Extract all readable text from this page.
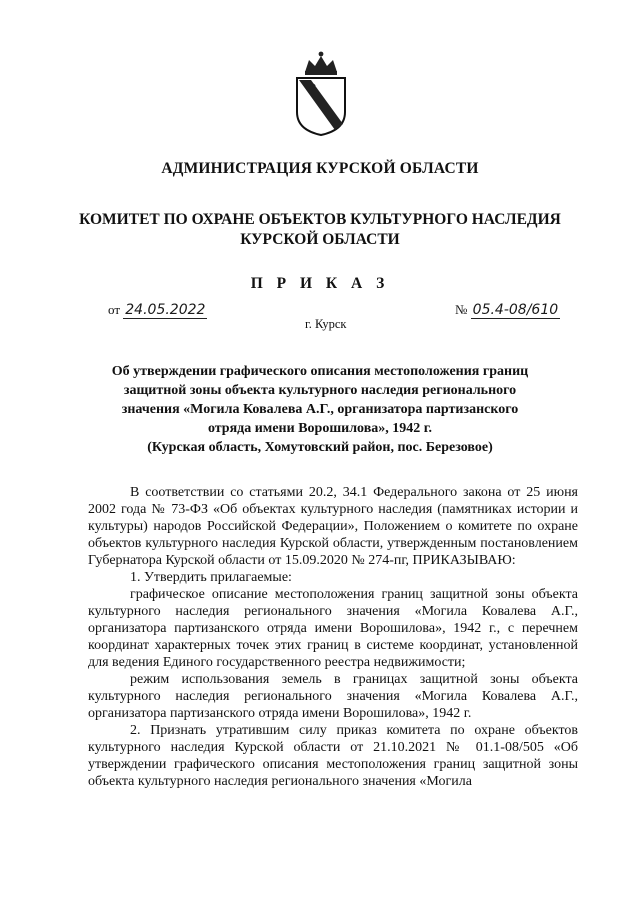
АДМИНИСТРАЦИЯ КУРСКОЙ ОБЛАСТИ
КОМИТЕТ ПО ОХРАНЕ ОБЪЕКТОВ КУЛЬТУРНОГО НАСЛЕДИЯ
КУРСКОЙ ОБЛАСТИ
П Р И К А З
от 24.05.2022	№ 05.4-08/610
г. Курск
Об утверждении графического описания местоположения границ
защитной зоны объекта культурного наследия регионального
значения «Могила Ковалева А.Г., организатора партизанского
отряда имени Ворошилова», 1942 г.
(Курская область, Хомутовский район, пос. Березовое)

В соответствии со статьями 20.2, 34.1 Федерального закона от 25 июня 2002 года № 73-ФЗ «Об объектах культурного наследия (памятниках истории и культуры) народов Российской Федерации», Положением о комитете по охране объектов культурного наследия Курской области, утвержденным постановлением Губернатора Курской области от 15.09.2020 № 274-пг, ПРИКАЗЫВАЮ:

1. Утвердить прилагаемые:

графическое описание местоположения границ защитной зоны объекта культурного наследия регионального значения «Могила Ковалева А.Г., организатора партизанского отряда имени Ворошилова», 1942 г., с перечнем координат характерных точек этих границ в системе координат, установленной для ведения Единого государственного реестра недвижимости;

режим использования земель в границах защитной зоны объекта культурного наследия регионального значения «Могила Ковалева А.Г., организатора партизанского отряда имени Ворошилова», 1942 г.

2. Признать утратившим силу приказ комитета по охране объектов культурного наследия Курской области от 21.10.2021 № 01.1-08/505 «Об утверждении графического описания местоположения границ защитной зоны объекта культурного наследия регионального значения «Могила
